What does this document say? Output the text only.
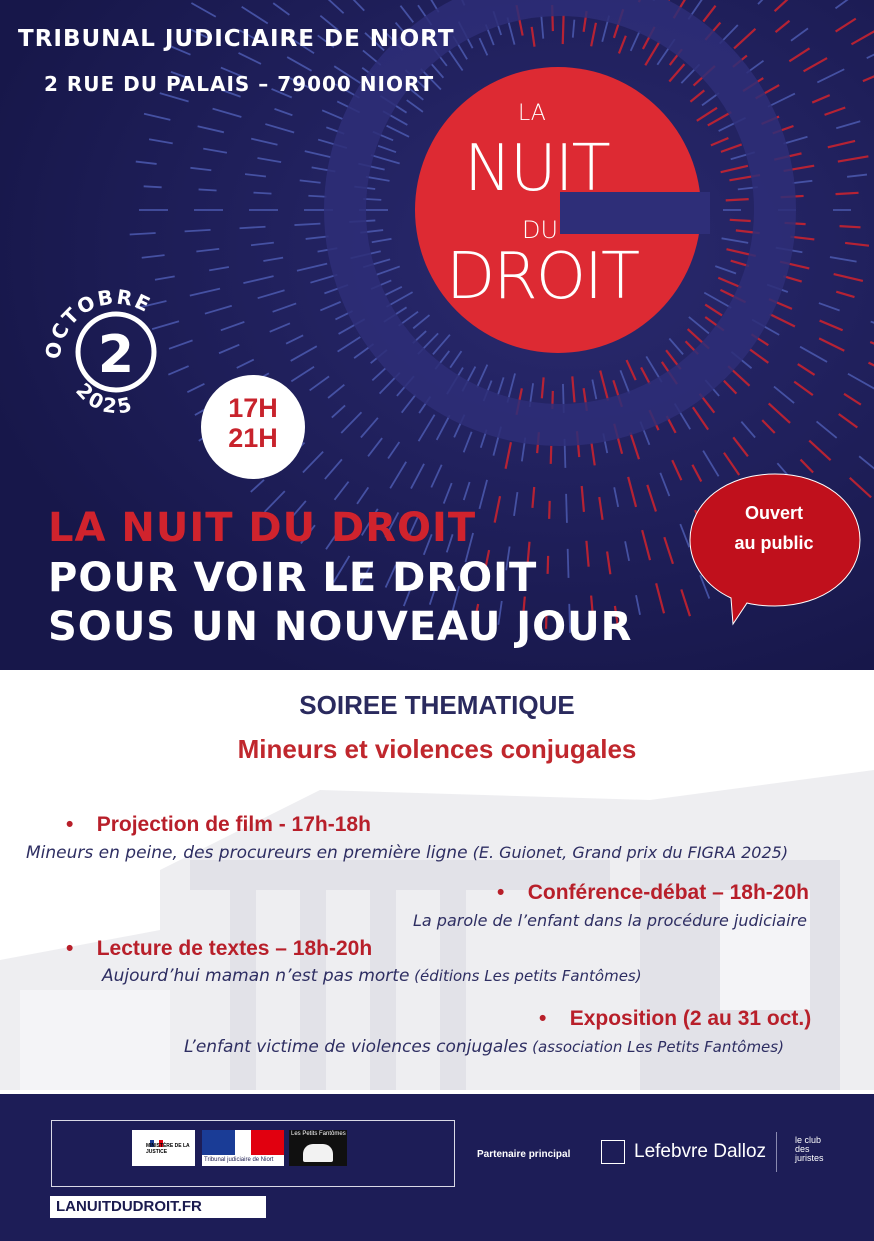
TRIBUNAL JUDICIAIRE DE NIORT
2 RUE DU PALAIS – 79000 NIORT
LA
NUIT
DU
DROIT
OCTOBRE
2
2025	17H
21H
Ouvert
au public
LA NUIT DU DROIT
POUR VOIR LE DROIT
SOUS UN NOUVEAU JOUR
SOIREE THEMATIQUE
Mineurs et violences conjugales
•    Projection de film - 17h-18h
Mineurs en peine, des procureurs en première ligne (E. Guionet, Grand prix du FIGRA 2025)
•    Conférence-débat – 18h-20h
La parole de l’enfant dans la procédure judiciaire
•    Lecture de textes – 18h-20h
Aujourd’hui maman n’est pas morte (éditions Les petits Fantômes)
•    Exposition (2 au 31 oct.)
L’enfant victime de violences conjugales (association Les Petits Fantômes)
MINISTÈRE DE LA JUSTICE
Tribunal judiciaire de Niort
Les Petits Fantômes
LANUITDUDROIT.FR
Partenaire principal	Lefebvre Dalloz
le club des juristes
